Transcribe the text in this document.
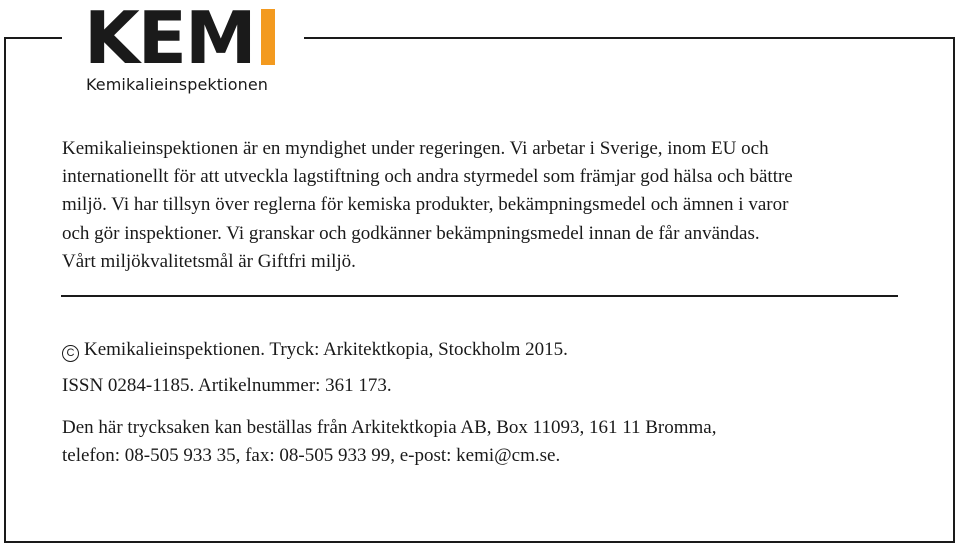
KEM
Kemikalieinspektionen

Kemikalieinspektionen är en myndighet under regeringen. Vi arbetar i Sverige, inom EU och
internationellt för att utveckla lagstiftning och andra styrmedel som främjar god hälsa och bättre
miljö. Vi har tillsyn över reglerna för kemiska produkter, bekämpningsmedel och ämnen i varor
och gör inspektioner. Vi granskar och godkänner bekämpningsmedel innan de får användas.
Vårt miljökvalitetsmål är Giftfri miljö.

C Kemikalieinspektionen. Tryck: Arkitektkopia, Stockholm 2015.

ISSN 0284-1185. Artikelnummer: 361 173.

Den här trycksaken kan beställas från Arkitektkopia AB, Box 11093, 161 11 Bromma,
telefon: 08-505 933 35, fax: 08-505 933 99, e-post: kemi@cm.se.
